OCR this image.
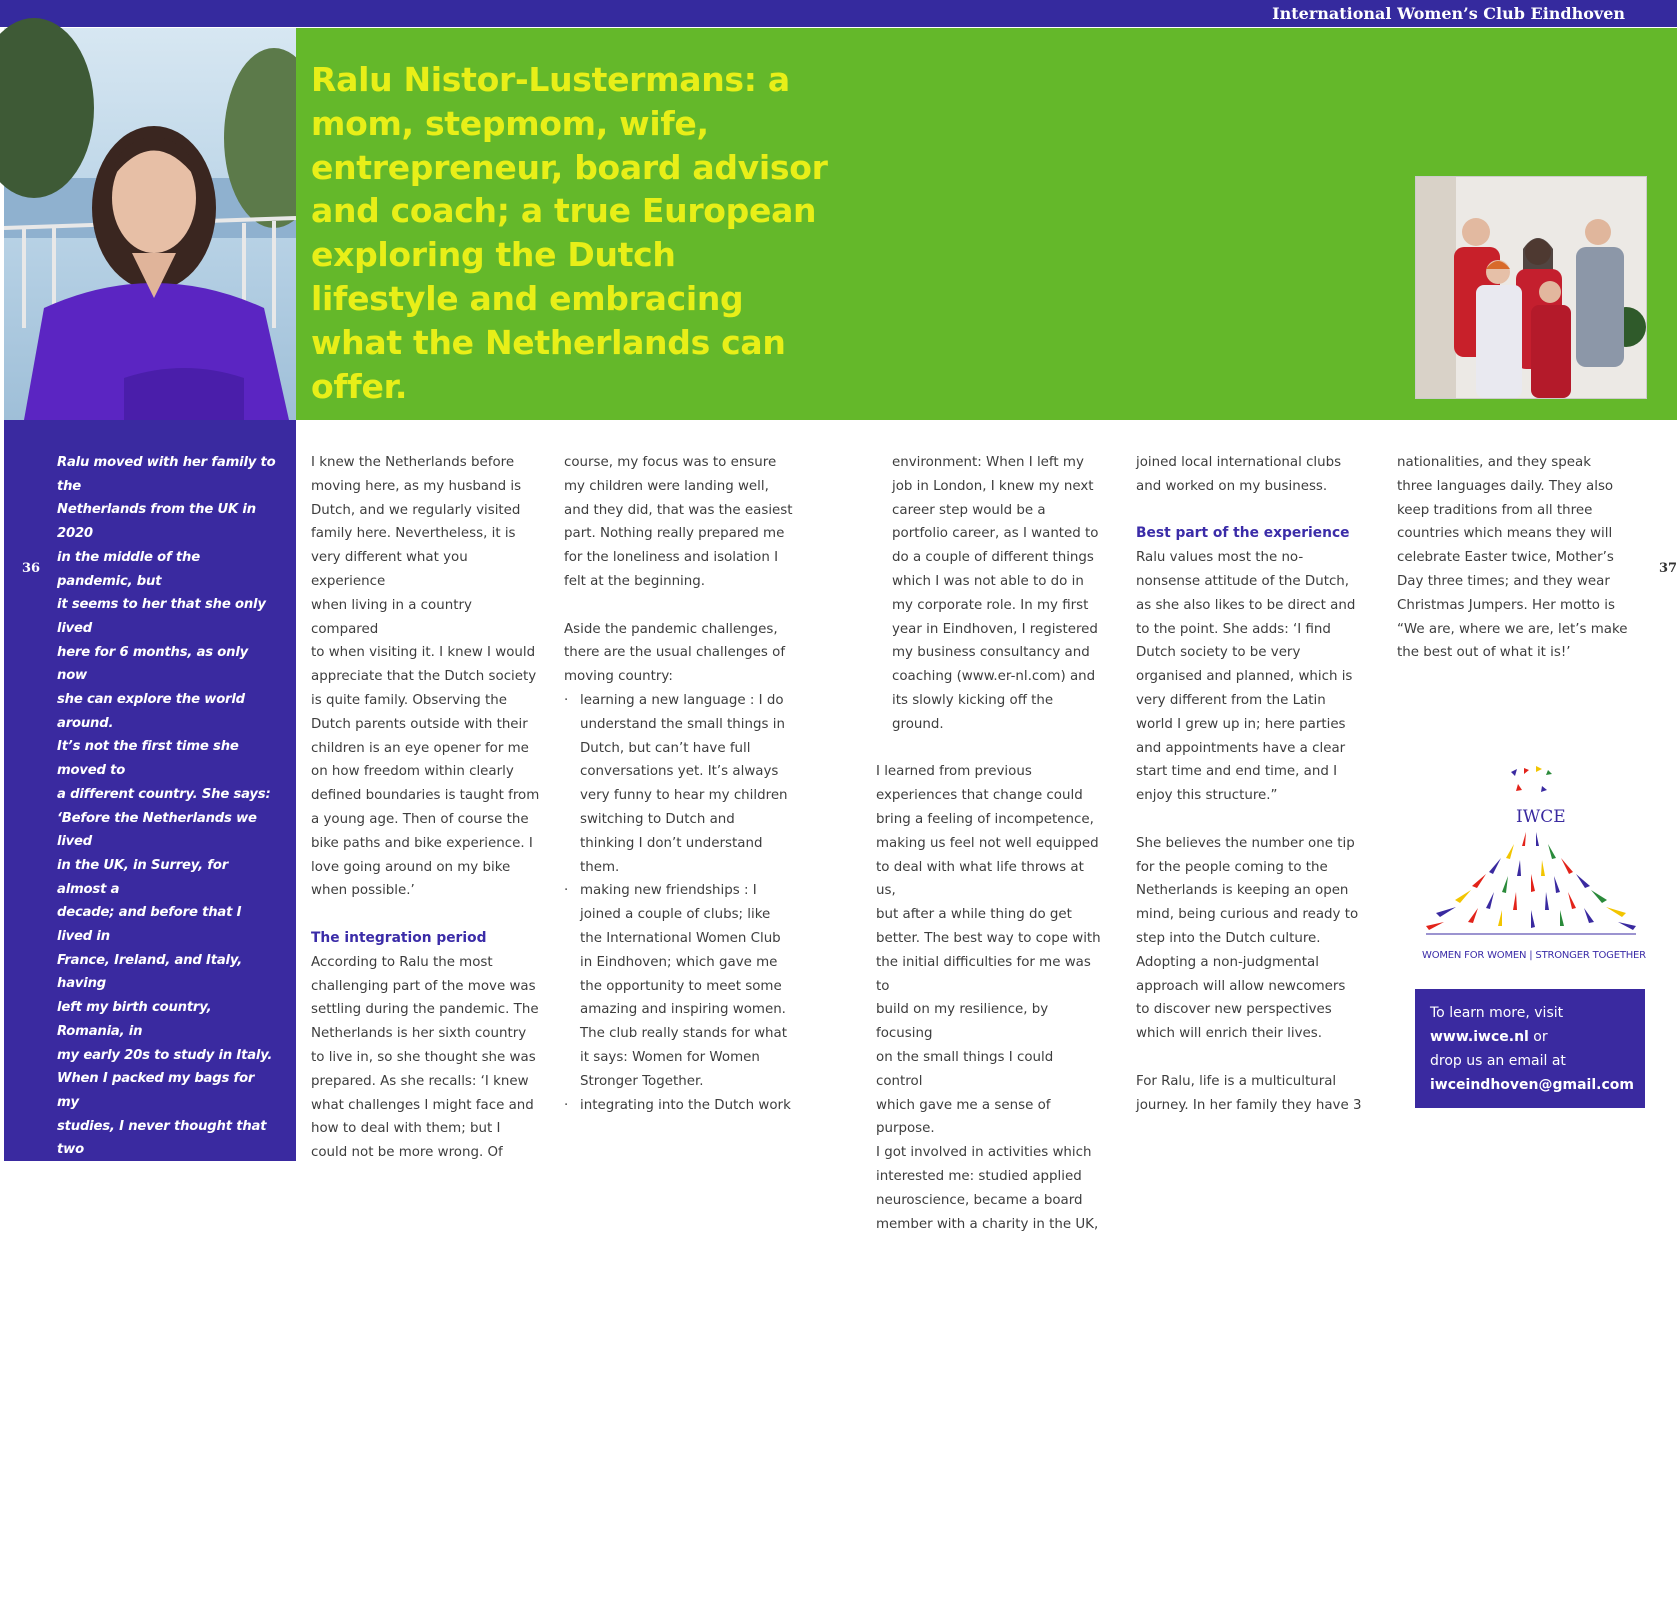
Ralu Nistor-Lustermans: a mom, stepmom, wife, entrepreneur, board advisor and coach; a true European exploring the Dutch lifestyle and embracing what the Netherlands can offer.
Ralu moved with her family to the
Netherlands from the UK in 2020
in the middle of the pandemic, but
it seems to her that she only lived
here for 6 months, as only now
she can explore the world around.
It’s not the first time she moved to
a different country. She says:
‘Before the Netherlands we lived
in the UK, in Surrey, for almost a
decade; and before that I lived in
France, Ireland, and Italy, having
left my birth country, Romania, in
my early 20s to study in Italy.
When I packed my bags for my
studies, I never thought that two
decades later I would have lived
in 5 countries and worked for
several international companies;
but life is full of surprises when
you are open to embrace them.
When I look back to my years of
international work and life
experience, I feel very privileged.
It was not always easy, but I
believe there is no great
achievement without overcoming
great challenges.
36

I knew the Netherlands before
moving here, as my husband is
Dutch, and we regularly visited
family here. Nevertheless, it is
very different what you experience
when living in a country compared
to when visiting it. I knew I would
appreciate that the Dutch society
is quite family. Observing the
Dutch parents outside with their
children is an eye opener for me
on how freedom within clearly
defined boundaries is taught from
a young age. Then of course the
bike paths and bike experience. I
love going around on my bike
when possible.’

The integration period

According to Ralu the most
challenging part of the move was
settling during the pandemic. The
Netherlands is her sixth country
to live in, so she thought she was
prepared. As she recalls: ‘I knew
what challenges I might face and
how to deal with them; but I
could not be more wrong. Of

course, my focus was to ensure
my children were landing well,
and they did, that was the easiest
part. Nothing really prepared me
for the loneliness and isolation I
felt at the beginning.

Aside the pandemic challenges,
there are the usual challenges of
moving country:

· learning a new language : I do
understand the small things in
Dutch, but can’t have full
conversations yet. It’s always
very funny to hear my children
switching to Dutch and
thinking I don’t understand
them.
· making new friendships : I
joined a couple of clubs; like
the International Women Club
in Eindhoven; which gave me
the opportunity to meet some
amazing and inspiring women.
The club really stands for what
it says: Women for Women
Stronger Together.
· integrating into the Dutch work
International Women’s Club Eindhoven
37

environment: When I left my
job in London, I knew my next
career step would be a
portfolio career, as I wanted to
do a couple of different things
which I was not able to do in
my corporate role. In my first
year in Eindhoven, I registered
my business consultancy and
coaching (www.er-nl.com) and
its slowly kicking off the
ground.

I learned from previous
experiences that change could
bring a feeling of incompetence,
making us feel not well equipped
to deal with what life throws at us,
but after a while thing do get
better. The best way to cope with
the initial difficulties for me was to
build on my resilience, by focusing
on the small things I could control
which gave me a sense of purpose.
I got involved in activities which
interested me: studied applied
neuroscience, became a board
member with a charity in the UK,

joined local international clubs
and worked on my business.

Best part of the experience

Ralu values most the no-
nonsense attitude of the Dutch,
as she also likes to be direct and
to the point. She adds: ‘I find
Dutch society to be very
organised and planned, which is
very different from the Latin
world I grew up in; here parties
and appointments have a clear
start time and end time, and I
enjoy this structure.”

She believes the number one tip
for the people coming to the
Netherlands is keeping an open
mind, being curious and ready to
step into the Dutch culture.
Adopting a non-judgmental
approach will allow newcomers
to discover new perspectives
which will enrich their lives.

For Ralu, life is a multicultural
journey. In her family they have 3

nationalities, and they speak
three languages daily. They also
keep traditions from all three
countries which means they will
celebrate Easter twice, Mother’s
Day three times; and they wear
Christmas Jumpers. Her motto is
“We are, where we are, let’s make
the best out of what it is!’

IWCE
WOMEN FOR WOMEN | STRONGER TOGETHER
To learn more, visit
www.iwce.nl or
drop us an email at
iwceindhoven@gmail.com
